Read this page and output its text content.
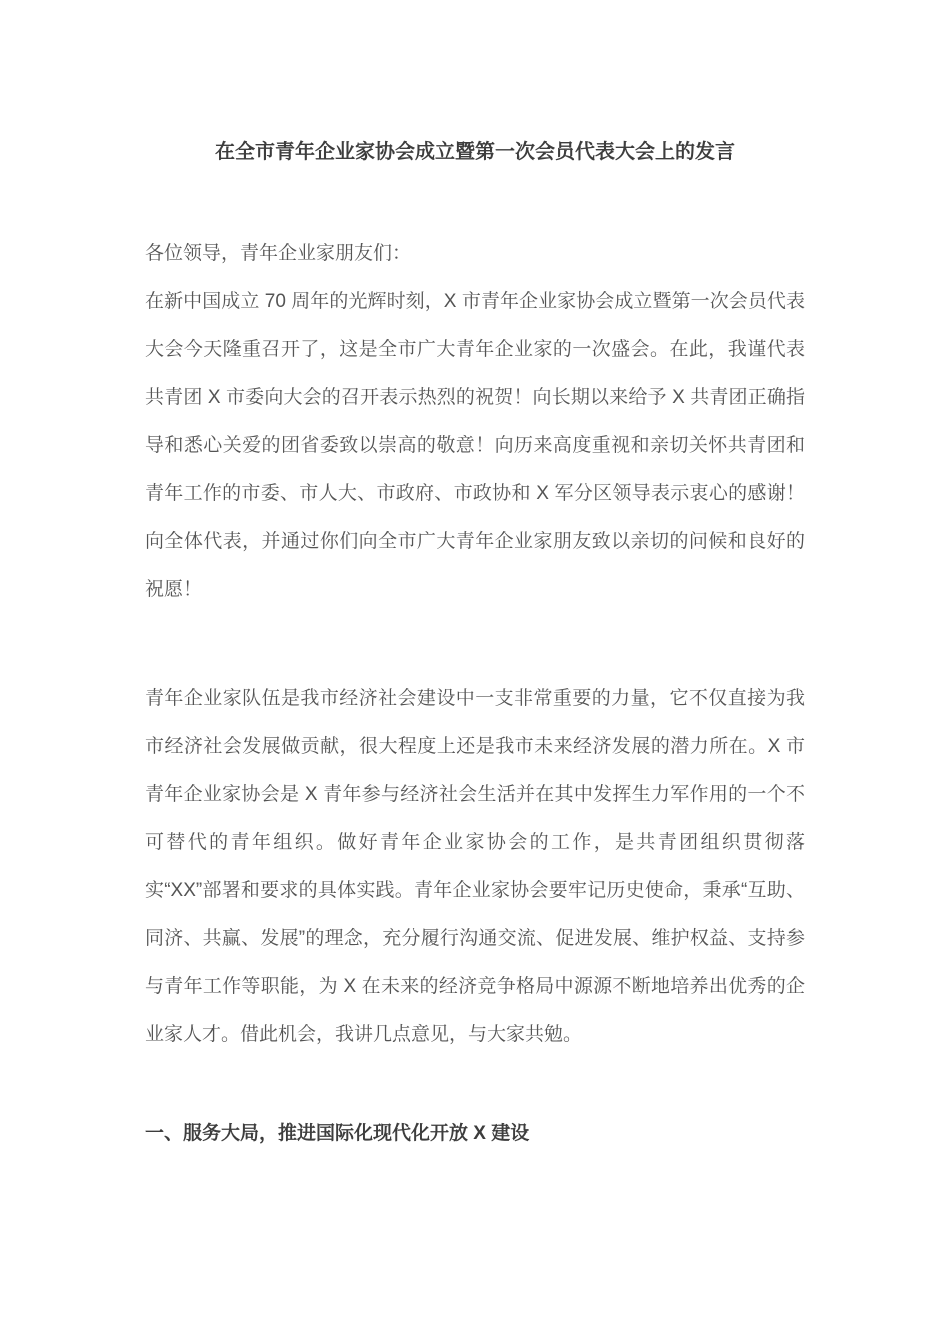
在全市青年企业家协会成立暨第一次会员代表大会上的发言

各位领导，青年企业家朋友们：

在新中国成立 70 周年的光辉时刻，X 市青年企业家协会成立暨第一次会员代表大会今天隆重召开了，这是全市广大青年企业家的一次盛会。在此，我谨代表共青团 X 市委向大会的召开表示热烈的祝贺！向长期以来给予 X 共青团正确指导和悉心关爱的团省委致以崇高的敬意！向历来高度重视和亲切关怀共青团和青年工作的市委、市人大、市政府、市政协和 X 军分区领导表示衷心的感谢！向全体代表，并通过你们向全市广大青年企业家朋友致以亲切的问候和良好的祝愿！

青年企业家队伍是我市经济社会建设中一支非常重要的力量，它不仅直接为我市经济社会发展做贡献，很大程度上还是我市未来经济发展的潜力所在。X 市青年企业家协会是 X 青年参与经济社会生活并在其中发挥生力军作用的一个不可替代的青年组织。做好青年企业家协会的工作，是共青团组织贯彻落实“XX”部署和要求的具体实践。青年企业家协会要牢记历史使命，秉承“互助、同济、共赢、发展”的理念，充分履行沟通交流、促进发展、维护权益、支持参与青年工作等职能，为 X 在未来的经济竞争格局中源源不断地培养出优秀的企业家人才。借此机会，我讲几点意见，与大家共勉。

一、服务大局，推进国际化现代化开放 X 建设
